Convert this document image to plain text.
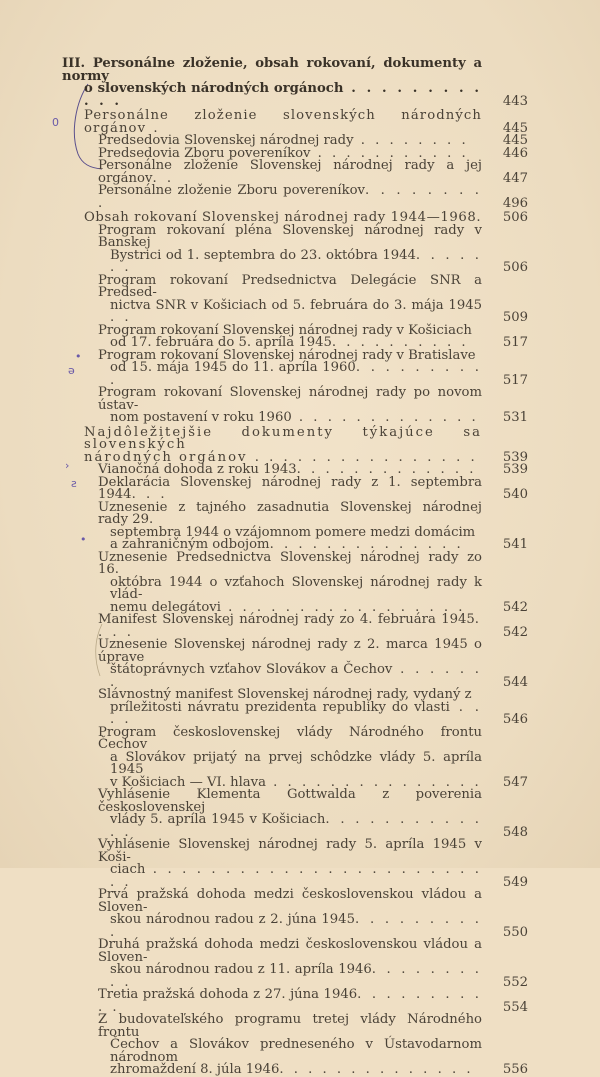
0
•
ǝ
›
ƨ
•
III. Personálne zloženie, obsah rokovaní, dokumenty a normy
o slovenských národných orgánoch . . . . . . . . . . . .	443
Personálne zloženie slovenských národných orgánov .	445
Predsedovia Slovenskej národnej rady . . . . . . . .	445
Predsedovia Zboru povereníkov . . . . . . . . . . .	446
Personálne zloženie Slovenskej národnej rady a jej orgánov. .	447
Personálne zloženie Zboru povereníkov. . . . . . . . .	496
Obsah rokovaní Slovenskej národnej rady 1944—1968.	506
Program rokovaní pléna Slovenskej národnej rady v Banskej
Bystrici od 1. septembra do 23. októbra 1944. . . . . . .	506
Program rokovaní Predsednictva Delegácie SNR a Predsed-
nictva SNR v Košiciach od 5. februára do 3. mája 1945 . .	509
Program rokovaní Slovenskej národnej rady v Košiciach
od 17. februára do 5. apríla 1945. . . . . . . . . .	517
Program rokovaní Slovenskej národnej rady v Bratislave
od 15. mája 1945 do 11. apríla 1960. . . . . . . . . .	517
Program rokovaní Slovenskej národnej rady po novom ústav-
nom postavení v roku 1960 . . . . . . . . . . . . .	531
Najdôležitejšie dokumenty týkajúce sa slovenských
národných orgánov . . . . . . . . . . . . . . . .	539
Vianočná dohoda z roku 1943. . . . . . . . . . . . .	539
Deklarácia Slovenskej národnej rady z 1. septembra 1944. . .	540
Uznesenie z tajného zasadnutia Slovenskej národnej rady 29.
septembra 1944 o vzájomnom pomere medzi domácim
a zahraničným odbojom. . . . . . . . . . . . . .	541
Uznesenie Predsednictva Slovenskej národnej rady zo 16.
októbra 1944 o vzťahoch Slovenskej národnej rady k vlád-
nemu delegátovi . . . . . . . . . . . . . . . . .	542
Manifest Slovenskej národnej rady zo 4. februára 1945. . . .	542
Uznesenie Slovenskej národnej rady z 2. marca 1945 o úprave
štátoprávnych vzťahov Slovákov a Čechov . . . . . . .	544
Slávnostný manifest Slovenskej národnej rady, vydaný z
príležitosti návratu prezidenta republiky do vlasti . . . .	546
Program československej vlády Národného frontu Čechov
a Slovákov prijatý na prvej schôdzke vlády 5. apríla 1945
v Košiciach — VI. hlava . . . . . . . . . . . . . . .	547
Vyhlásenie Klementa Gottwalda z poverenia československej
vlády 5. apríla 1945 v Košiciach. . . . . . . . . . . . .	548
Vyhlásenie Slovenskej národnej rady 5. apríla 1945 v Koši-
ciach . . . . . . . . . . . . . . . . . . . . . . . . .	549
Prvá pražská dohoda medzi československou vládou a Sloven-
skou národnou radou z 2. júna 1945. . . . . . . . . .	550
Druhá pražská dohoda medzi československou vládou a Sloven-
skou národnou radou z 11. apríla 1946. . . . . . . . . .	552
Tretia pražská dohoda z 27. júna 1946. . . . . . . . . . .	554
Z budovateľského programu tretej vlády Národného frontu
Čechov a Slovákov predneseného v Ústavodarnom národnom
zhromaždení 8. júla 1946. . . . . . . . . . . . . .	556
